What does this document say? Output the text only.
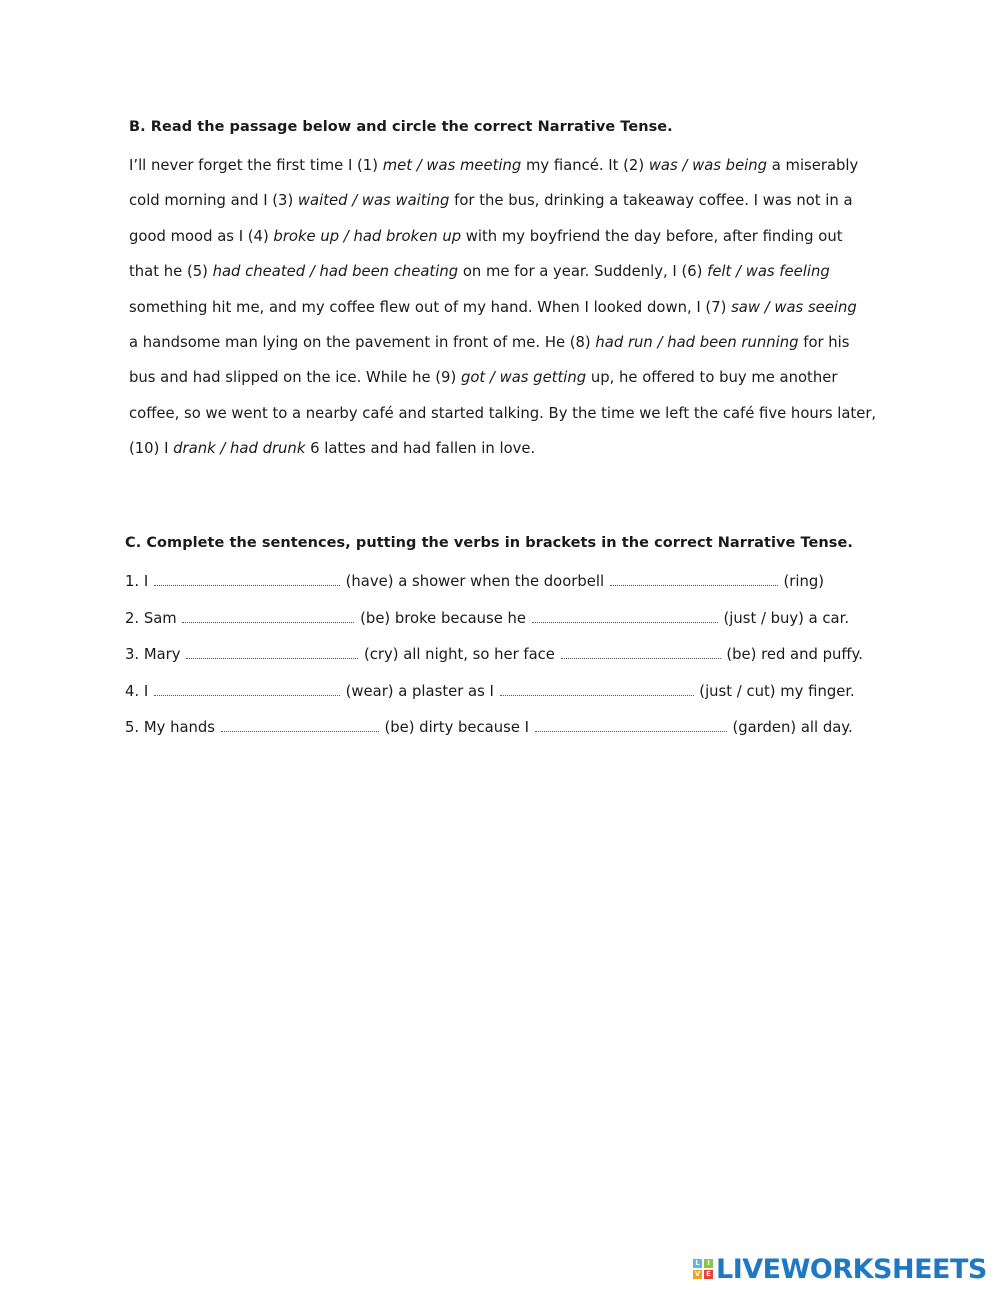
B. Read the passage below and circle the correct Narrative Tense.

I’ll never forget the first time I (1) met / was meeting my fiancé. It (2) was / was being a miserably
cold morning and I (3) waited / was waiting for the bus, drinking a takeaway coffee. I was not in a
good mood as I (4) broke up / had broken up with my boyfriend the day before, after finding out
that he (5) had cheated / had been cheating on me for a year. Suddenly, I (6) felt / was feeling
something hit me, and my coffee flew out of my hand. When I looked down, I (7) saw / was seeing
a handsome man lying on the pavement in front of me. He (8) had run / had been running for his
bus and had slipped on the ice. While he (9) got / was getting up, he offered to buy me another
coffee, so we went to a nearby café and started talking. By the time we left the café five hours later,
(10) I drank / had drunk 6 lattes and had fallen in love.

C. Complete the sentences, putting the verbs in brackets in the correct Narrative Tense.

1. I	(have) a shower when the doorbell	(ring)
2. Sam	(be) broke because he	(just / buy) a car.
3. Mary	(cry) all night, so her face	(be) red and puffy.
4. I	(wear) a plaster as I	(just / cut) my finger.
5. My hands	(be) dirty because I	(garden) all day.
L	I
V E LIVEWORKSHEETS
